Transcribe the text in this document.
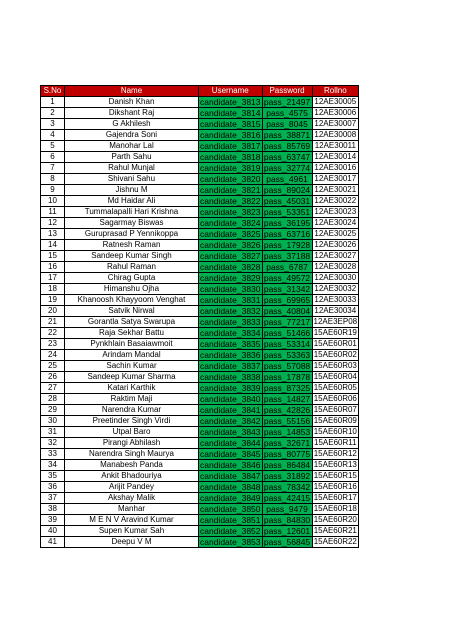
S.No	Name	Username	Password	Rollno
1	Danish Khan	candidate_3813	pass_21497	12AE30005
2	Dikshant Raj	candidate_3814	pass_4575	12AE30006
3	G Akhilesh	candidate_3815	pass_8045	12AE30007
4	Gajendra Soni	candidate_3816	pass_38871	12AE30008
5	Manohar Lal	candidate_3817	pass_85769	12AE30011
6	Parth Sahu	candidate_3818	pass_63747	12AE30014
7	Rahul Munjal	candidate_3819	pass_32774	12AE30016
8	Shivani Sahu	candidate_3820	pass_4961	12AE30017
9	Jishnu M	candidate_3821	pass_89024	12AE30021
10	Md Haidar Ali	candidate_3822	pass_45031	12AE30022
11	Tummalapalli Hari Krishna	candidate_3823	pass_53351	12AE30023
12	Sagarmay Biswas	candidate_3824	pass_36195	12AE30024
13	Guruprasad P Yennikoppa	candidate_3825	pass_63716	12AE30025
14	Ratnesh Raman	candidate_3826	pass_17928	12AE30026
15	Sandeep Kumar Singh	candidate_3827	pass_37188	12AE30027
16	Rahul Raman	candidate_3828	pass_6787	12AE30028
17	Chirag Gupta	candidate_3829	pass_49572	12AE30030
18	Himanshu Ojha	candidate_3830	pass_31342	12AE30032
19	Khanoosh Khayyoom Venghat	candidate_3831	pass_69965	12AE30033
20	Satvik Nirwal	candidate_3832	pass_40804	12AE30034
21	Gorantla Satya Swarupa	candidate_3833	pass_77217	12AE3EP08
22	Raja Sekhar Battu	candidate_3834	pass_51466	15AE60R19
23	Pynkhlain Basaiawmoit	candidate_3835	pass_53314	15AE60R01
24	Arindam Mandal	candidate_3836	pass_53363	15AE60R02
25	Sachin Kumar	candidate_3837	pass_57088	15AE60R03
26	Sandeep Kumar Sharma	candidate_3838	pass_17878	15AE60R04
27	Katari Karthik	candidate_3839	pass_87325	15AE60R05
28	Raktim Maji	candidate_3840	pass_14827	15AE60R06
29	Narendra Kumar	candidate_3841	pass_42826	15AE60R07
30	Preetinder Singh Virdi	candidate_3842	pass_55156	15AE60R09
31	Utpal Baro	candidate_3843	pass_14853	15AE60R10
32	Pirangi Abhilash	candidate_3844	pass_32671	15AE60R11
33	Narendra Singh Maurya	candidate_3845	pass_80775	15AE60R12
34	Manabesh Panda	candidate_3846	pass_86484	15AE60R13
35	Ankit Bhadouriya	candidate_3847	pass_31892	15AE60R15
36	Arijit Pandey	candidate_3848	pass_78342	15AE60R16
37	Akshay Malik	candidate_3849	pass_42415	15AE60R17
38	Manhar	candidate_3850	pass_9479	15AE60R18
39	M E N V Aravind Kumar	candidate_3851	pass_84830	15AE60R20
40	Supen Kumar Sah	candidate_3852	pass_12601	15AE60R21
41	Deepu V M	candidate_3853	pass_56845	15AE60R22
